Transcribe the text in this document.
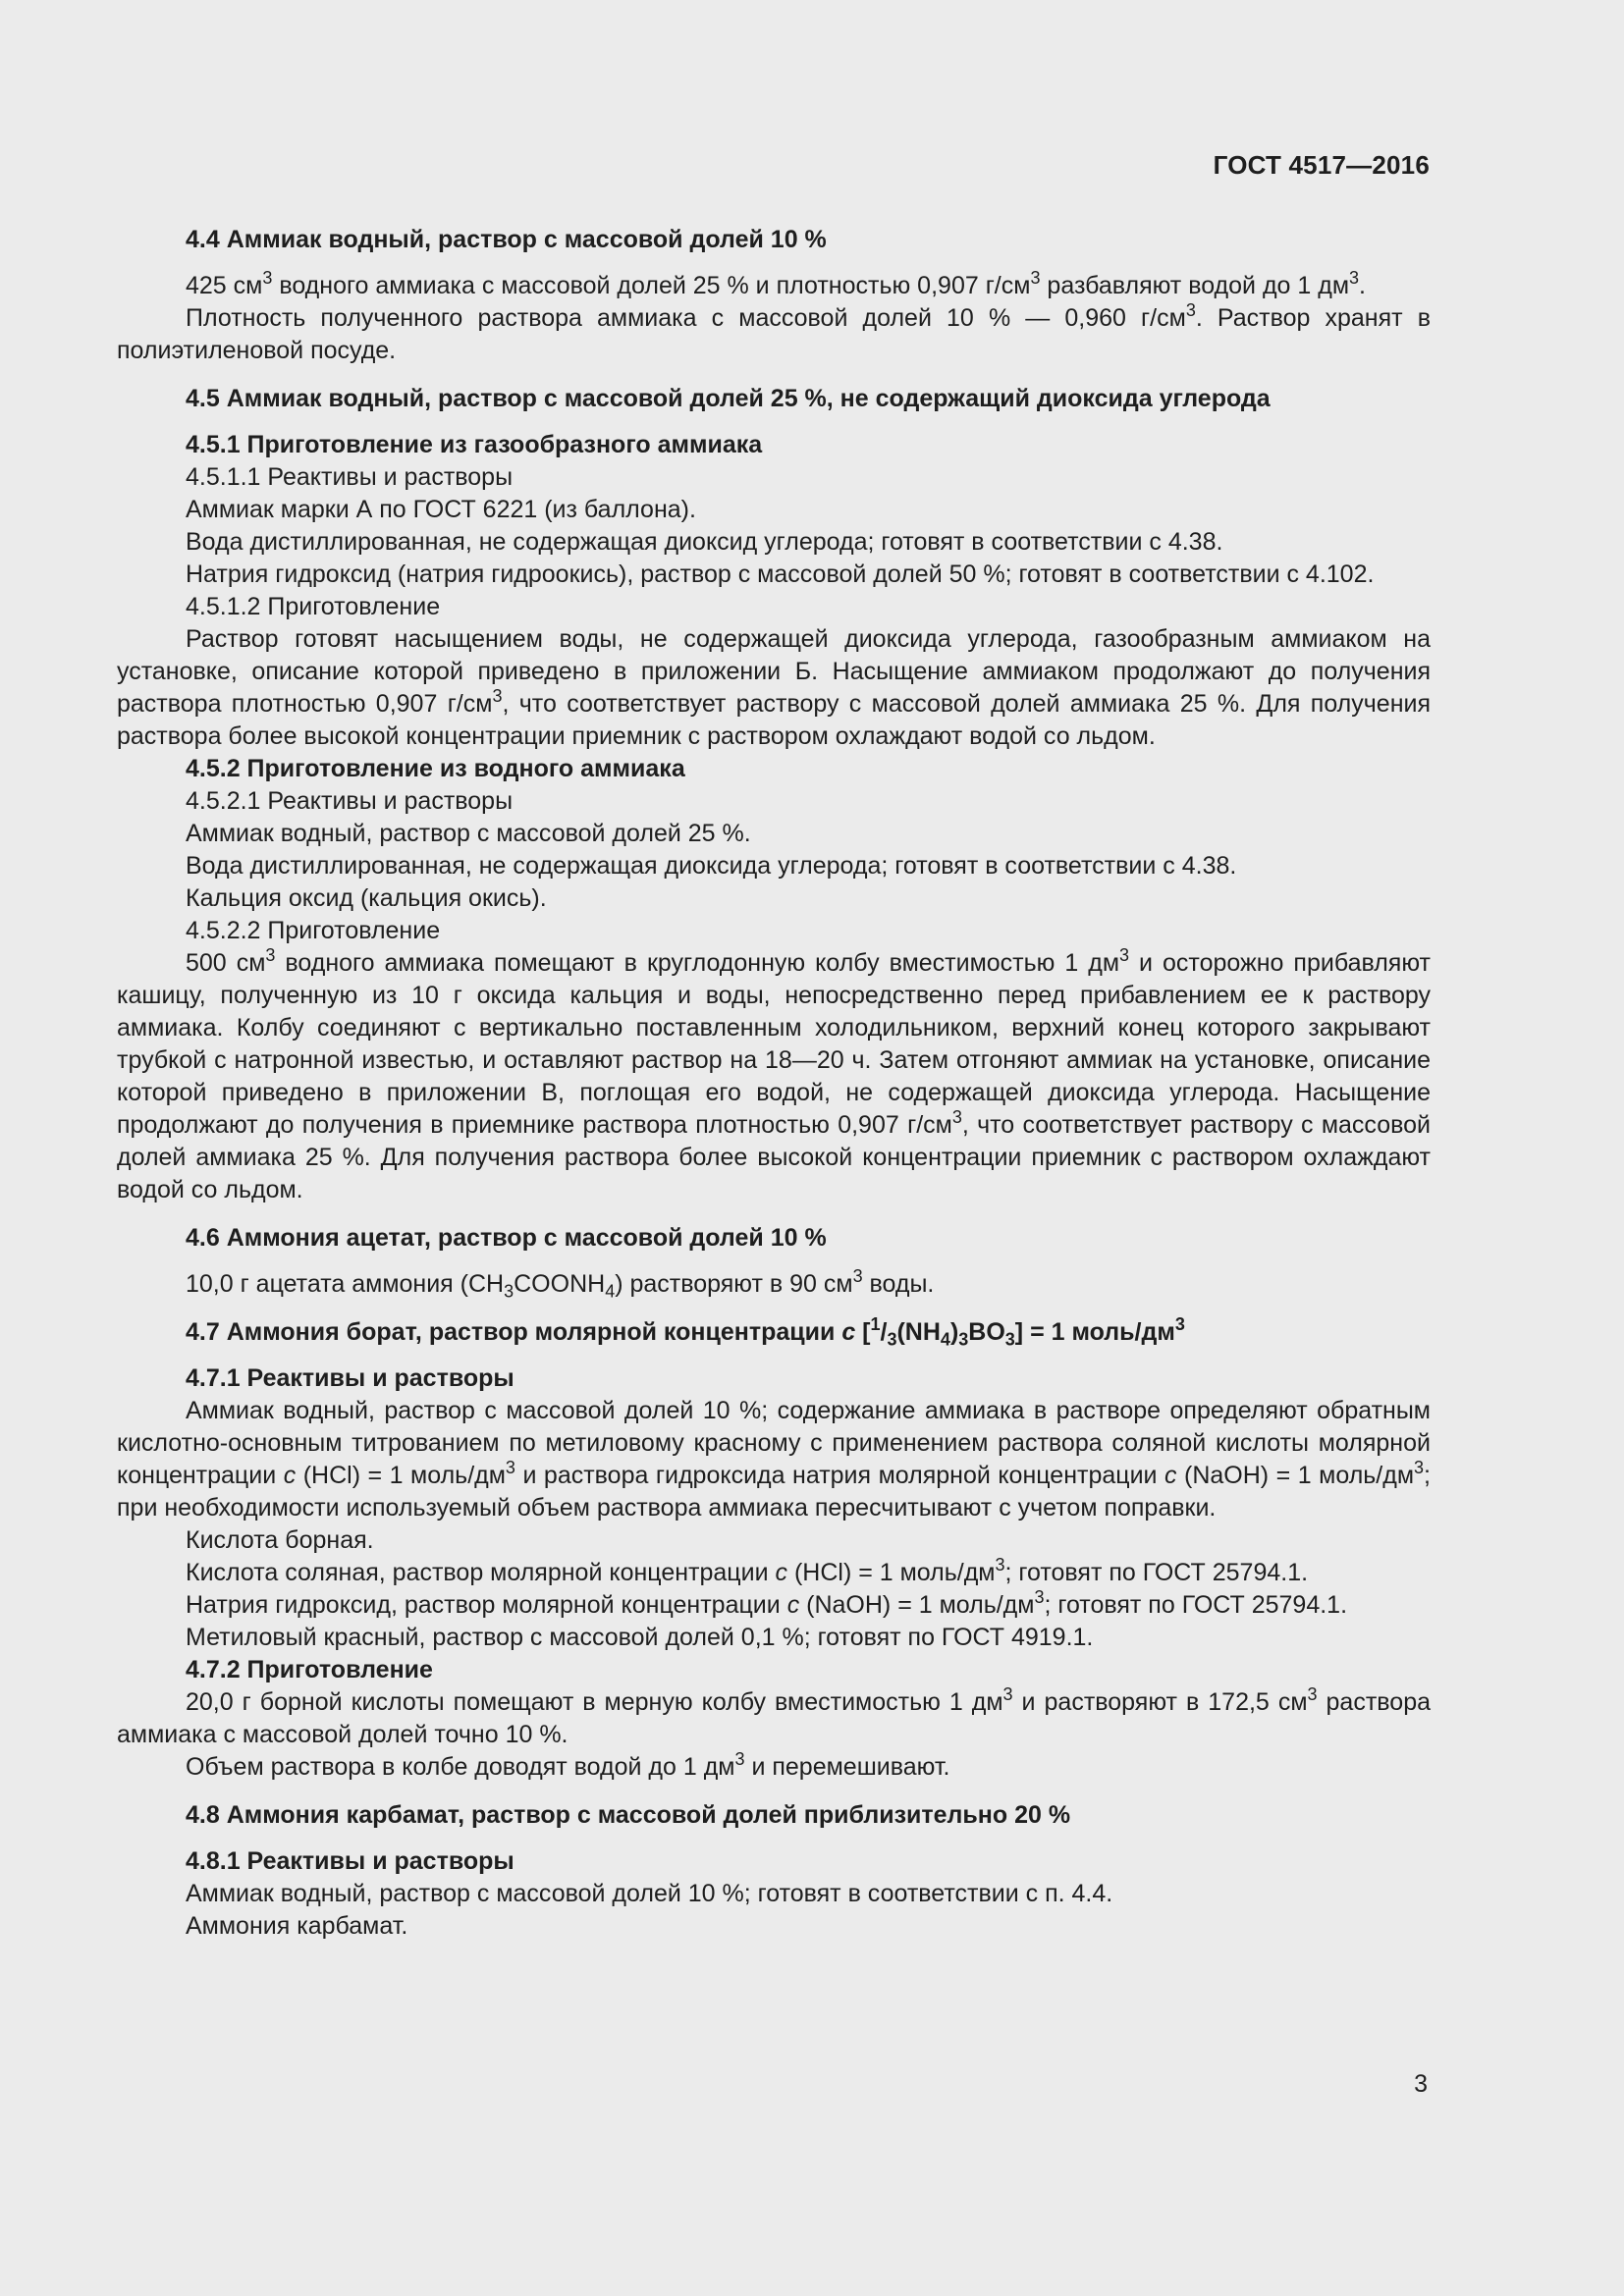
ГОСТ 4517—2016

4.4 Аммиак водный, раствор с массовой долей 10 %

425 $см^3$ водного аммиака с массовой долей 25 % и плотностью 0,907 $г/см^3$ разбавляют водой до 1 $дм^3$.

Плотность полученного раствора аммиака с массовой долей 10 % — 0,960 $г/см^3$. Раствор хранят в полиэтиленовой посуде.

4.5 Аммиак водный, раствор с массовой долей 25 %, не содержащий диоксида углерода

4.5.1 Приготовление из газообразного аммиака

4.5.1.1 Реактивы и растворы

Аммиак марки А по ГОСТ 6221 (из баллона).

Вода дистиллированная, не содержащая диоксид углерода; готовят в соответствии с 4.38.

Натрия гидроксид (натрия гидроокись), раствор с массовой долей 50 %; готовят в соответствии с 4.102.

4.5.1.2 Приготовление

Раствор готовят насыщением воды, не содержащей диоксида углерода, газообразным аммиаком на установке, описание которой приведено в приложении Б. Насыщение аммиаком продолжают до получения раствора плотностью 0,907 $г/см^3$, что соответствует раствору с массовой долей аммиака 25 %. Для получения раствора более высокой концентрации приемник с раствором охлаждают водой со льдом.

4.5.2 Приготовление из водного аммиака

4.5.2.1 Реактивы и растворы

Аммиак водный, раствор с массовой долей 25 %.

Вода дистиллированная, не содержащая диоксида углерода; готовят в соответствии с 4.38.

Кальция оксид (кальция окись).

4.5.2.2 Приготовление

500 $см^3$ водного аммиака помещают в круглодонную колбу вместимостью 1 $дм^3$ и осторожно прибавляют кашицу, полученную из 10 г оксида кальция и воды, непосредственно перед прибавлением ее к раствору аммиака. Колбу соединяют с вертикально поставленным холодильником, верхний конец которого закрывают трубкой с натронной известью, и оставляют раствор на 18—20 ч. Затем отгоняют аммиак на установке, описание которой приведено в приложении В, поглощая его водой, не содержащей диоксида углерода. Насыщение продолжают до получения в приемнике раствора плотностью 0,907 $г/см^3$, что соответствует раствору с массовой долей аммиака 25 %. Для получения раствора более высокой концентрации приемник с раствором охлаждают водой со льдом.

4.6 Аммония ацетат, раствор с массовой долей 10 %

10,0 г ацетата аммония $(CH_3COONH_4)$ растворяют в 90 $см^3$ воды.

4.7 Аммония борат, раствор молярной концентрации c $[^1/_3(NH_4)_3BO_3] = 1$ моль/$дм^3$

4.7.1 Реактивы и растворы

Аммиак водный, раствор с массовой долей 10 %; содержание аммиака в растворе определяют обратным кислотно-основным титрованием по метиловому красному с применением раствора соляной кислоты молярной концентрации c (HCl) = 1 моль/$дм^3$ и раствора гидроксида натрия молярной концентрации c (NaOH) = 1 моль/$дм^3$; при необходимости используемый объем раствора аммиака пересчитывают с учетом поправки.

Кислота борная.

Кислота соляная, раствор молярной концентрации c (HCl) = 1 моль/$дм^3$; готовят по ГОСТ 25794.1.

Натрия гидроксид, раствор молярной концентрации c (NaOH) = 1 моль/$дм^3$; готовят по ГОСТ 25794.1.

Метиловый красный, раствор с массовой долей 0,1 %; готовят по ГОСТ 4919.1.

4.7.2 Приготовление

20,0 г борной кислоты помещают в мерную колбу вместимостью 1 $дм^3$ и растворяют в 172,5 $см^3$ раствора аммиака с массовой долей точно 10 %.

Объем раствора в колбе доводят водой до 1 $дм^3$ и перемешивают.

4.8 Аммония карбамат, раствор с массовой долей приблизительно 20 %

4.8.1 Реактивы и растворы

Аммиак водный, раствор с массовой долей 10 %; готовят в соответствии с п. 4.4.

Аммония карбамат.

3
